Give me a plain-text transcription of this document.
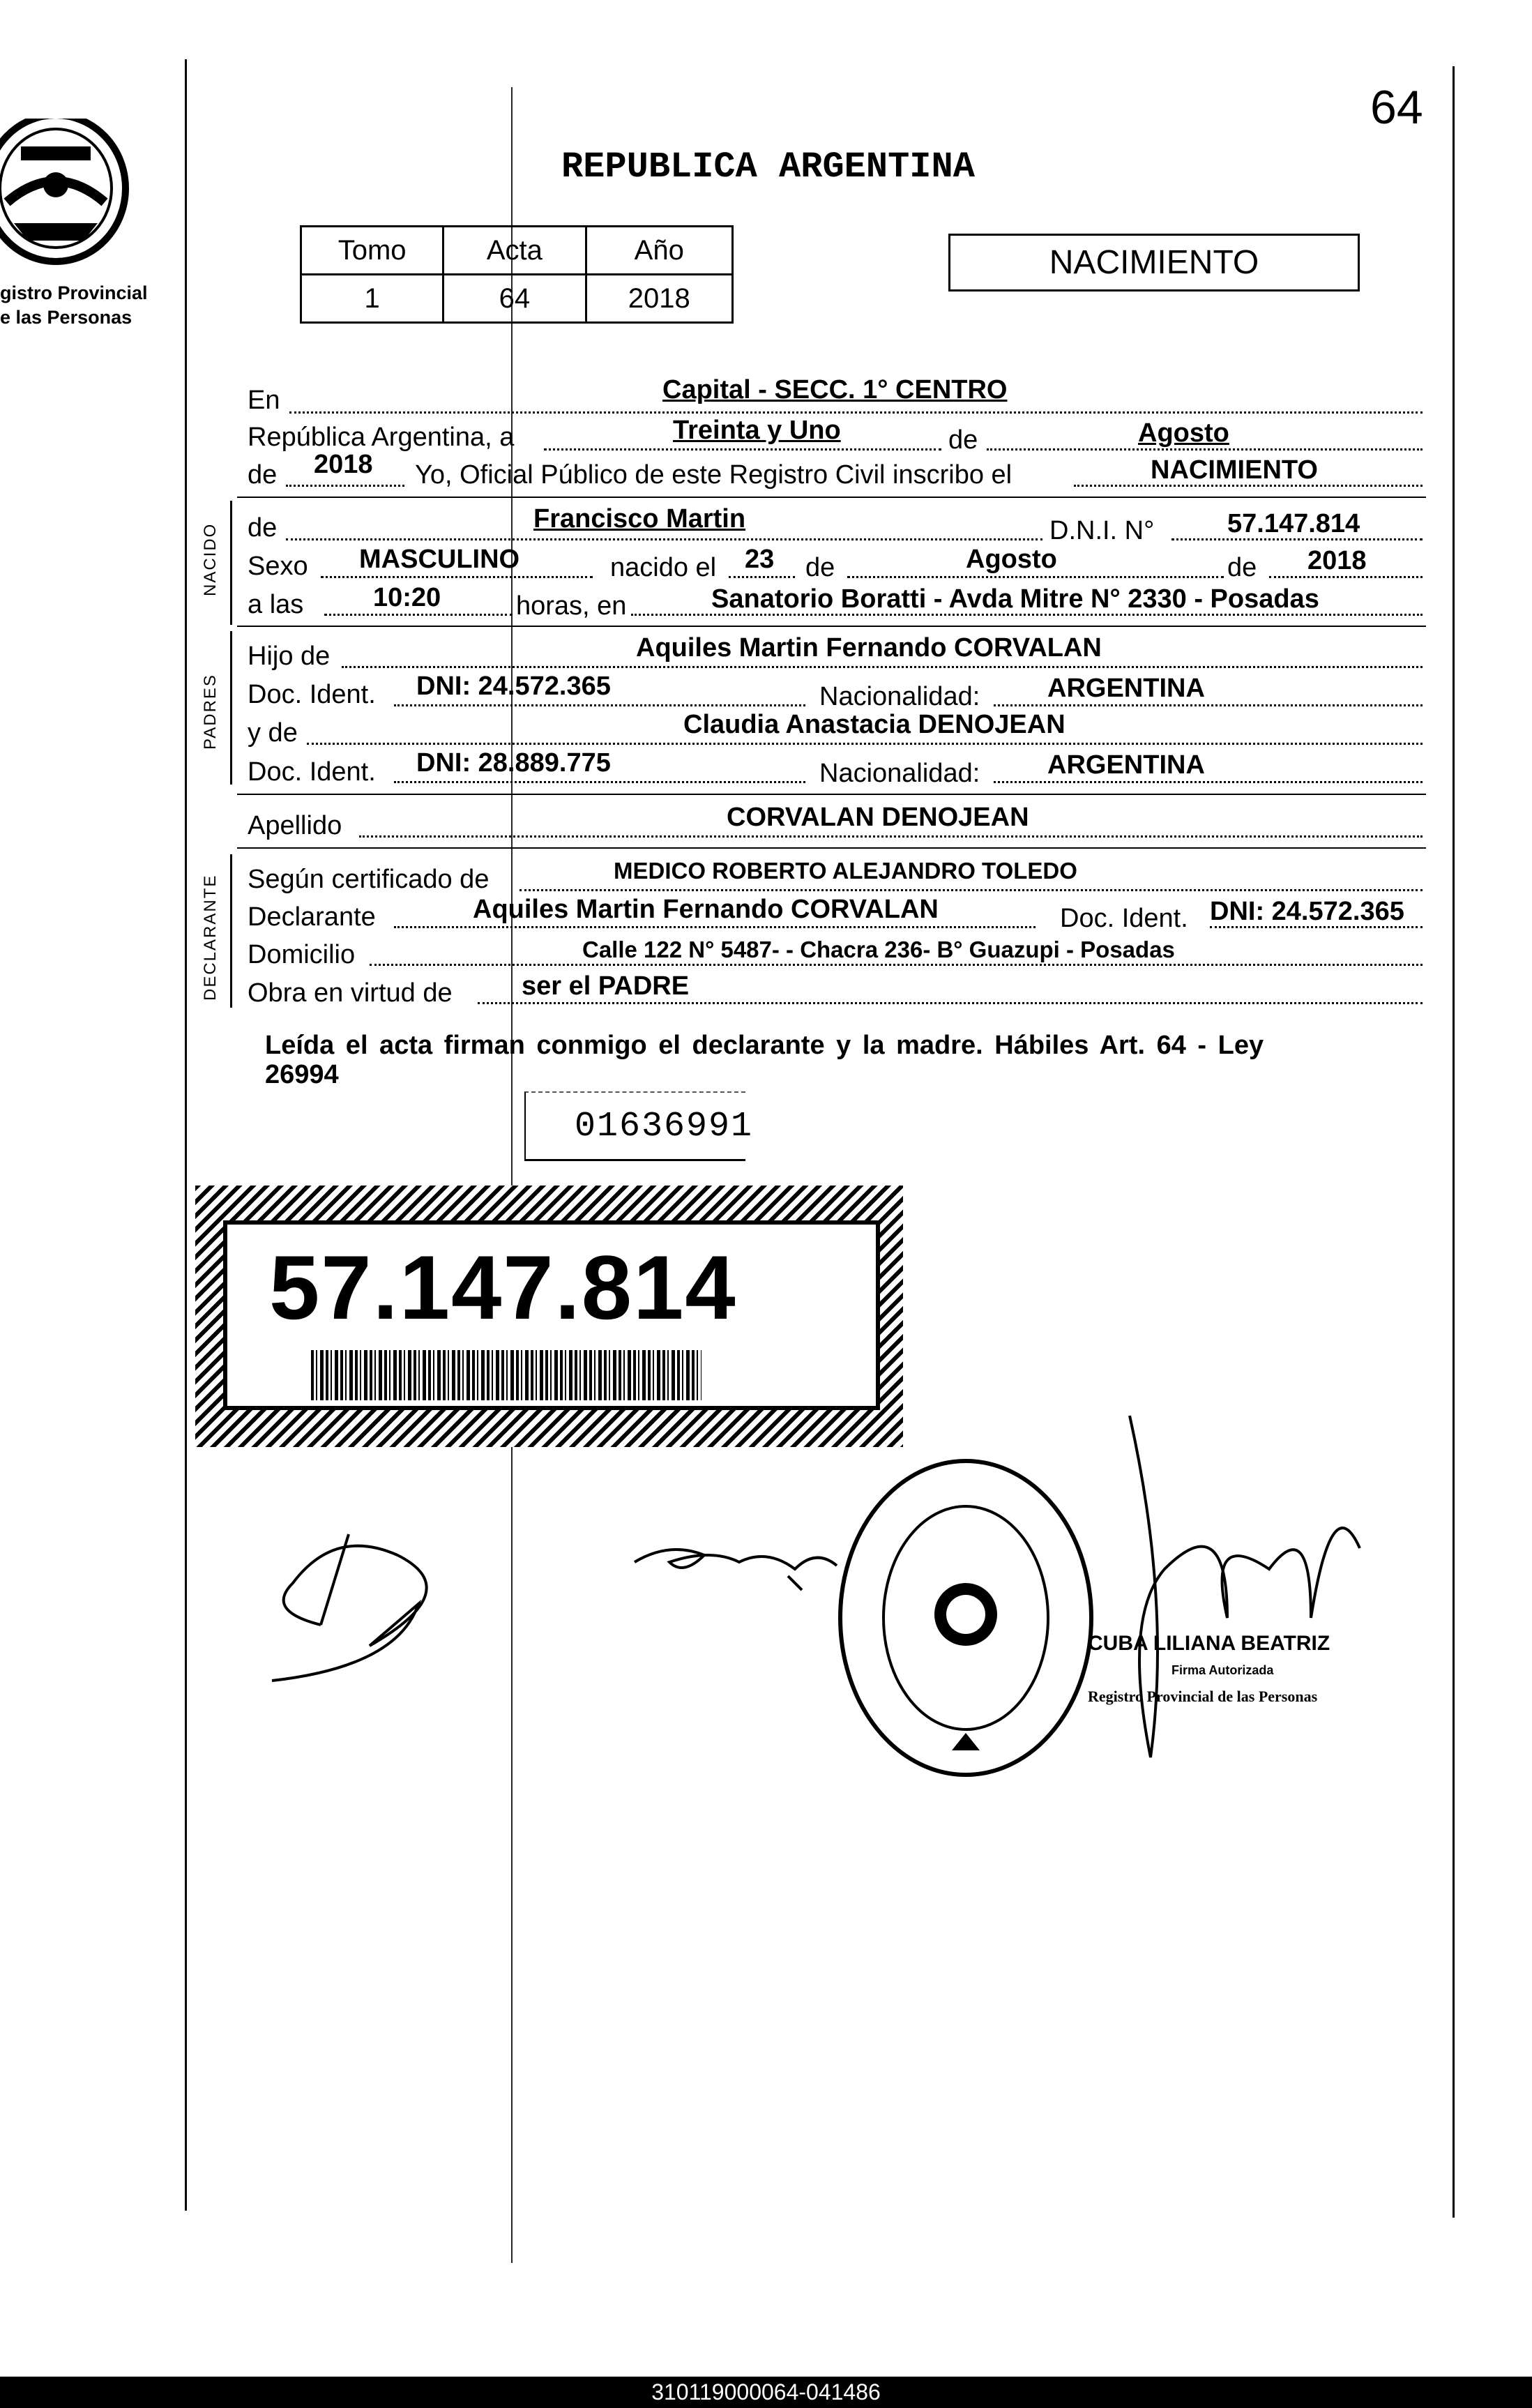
64
gistro Provincial
e las Personas
REPUBLICA ARGENTINA
Tomo	Acta	Año
1	64	2018
NACIMIENTO
En	Capital - SECC. 1° CENTRO
República Argentina, a	Treinta y Uno	de	Agosto
de 2018 Yo, Oficial Público de este Registro Civil inscribo el	NACIMIENTO
NACIDO de	Francisco Martin	D.N.I. N°	57.147.814
Sexo MASCULINO	nacido el 23 de	Agosto	de 2018
a las	10:20	horas, en	Sanatorio Boratti - Avda Mitre N° 2330 - Posadas
PADRES
Hijo de	Aquiles Martin Fernando CORVALAN
Doc. Ident. DNI: 24.572.365	Nacionalidad:	ARGENTINA
y de	Claudia Anastacia DENOJEAN
Doc. Ident. DNI: 28.889.775	Nacionalidad:	ARGENTINA
Apellido	CORVALAN DENOJEAN
DECLARANTE Según certificado de	MEDICO ROBERTO ALEJANDRO TOLEDO
Declarante	Aquiles Martin Fernando CORVALAN	Doc. Ident. DNI: 24.572.365
Domicilio	Calle 122 N° 5487- - Chacra 236- B° Guazupi - Posadas
Obra en virtud de	ser el PADRE
Leída el acta firman conmigo el declarante y la madre. Hábiles Art. 64 - Ley
26994
01636991
57.147.814
CUBA LILIANA BEATRIZ
Firma Autorizada
Registro Provincial de las Personas
310119000064-041486
